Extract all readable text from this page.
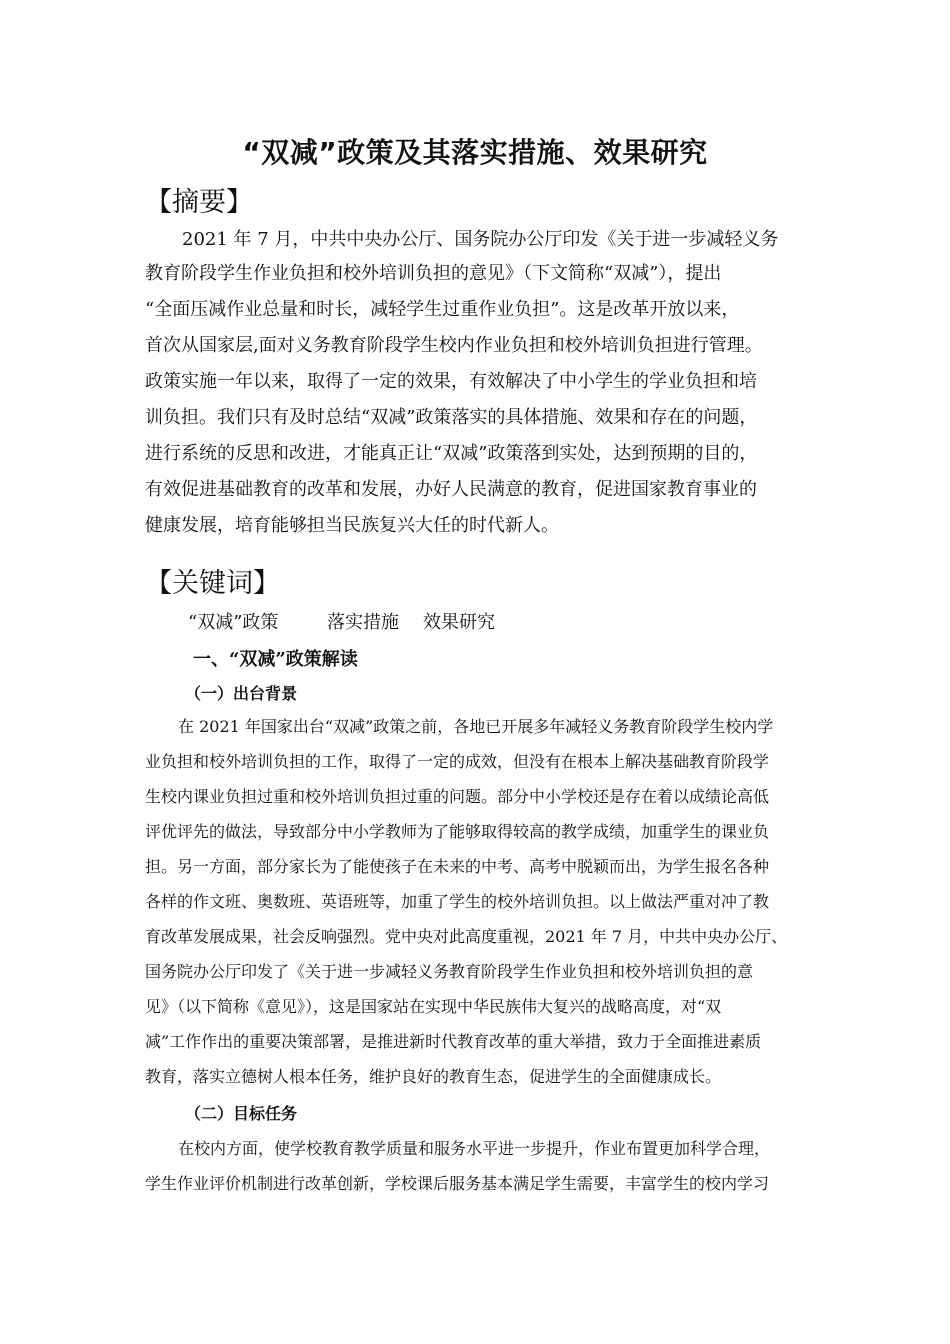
“双减”政策及其落实措施、效果研究
【摘要】
2021 年 7 月，中共中央办公厅、国务院办公厅印发《关于进一步减轻义务
教育阶段学生作业负担和校外培训负担的意见》（下文简称“双减”），提出
“全面压减作业总量和时长，减轻学生过重作业负担”。这是改革开放以来，
首次从国家层,面对义务教育阶段学生校内作业负担和校外培训负担进行管理。
政策实施一年以来，取得了一定的效果，有效解决了中小学生的学业负担和培
训负担。我们只有及时总结“双减”政策落实的具体措施、效果和存在的问题，
进行系统的反思和改进，才能真正让“双减”政策落到实处，达到预期的目的，
有效促进基础教育的改革和发展，办好人民满意的教育，促进国家教育事业的
健康发展，培育能够担当民族复兴大任的时代新人。
【关键词】
“双减”政策	落实措施 效果研究
一、“双减”政策解读
（一）出台背景
在 2021 年国家出台“双减”政策之前，各地已开展多年减轻义务教育阶段学生校内学
业负担和校外培训负担的工作，取得了一定的成效，但没有在根本上解决基础教育阶段学
生校内课业负担过重和校外培训负担过重的问题。部分中小学校还是存在着以成绩论高低
评优评先的做法，导致部分中小学教师为了能够取得较高的教学成绩，加重学生的课业负
担。另一方面，部分家长为了能使孩子在未来的中考、高考中脱颖而出，为学生报名各种
各样的作文班、奥数班、英语班等，加重了学生的校外培训负担。以上做法严重对冲了教
育改革发展成果，社会反响强烈。党中央对此高度重视，2021 年 7 月，中共中央办公厅、
国务院办公厅印发了《关于进一步减轻义务教育阶段学生作业负担和校外培训负担的意
见》（以下简称《意见》），这是国家站在实现中华民族伟大复兴的战略高度，对“双
减”工作作出的重要决策部署，是推进新时代教育改革的重大举措，致力于全面推进素质
教育，落实立德树人根本任务，维护良好的教育生态，促进学生的全面健康成长。
（二）目标任务
在校内方面，使学校教育教学质量和服务水平进一步提升，作业布置更加科学合理，
学生作业评价机制进行改革创新，学校课后服务基本满足学生需要，丰富学生的校内学习
